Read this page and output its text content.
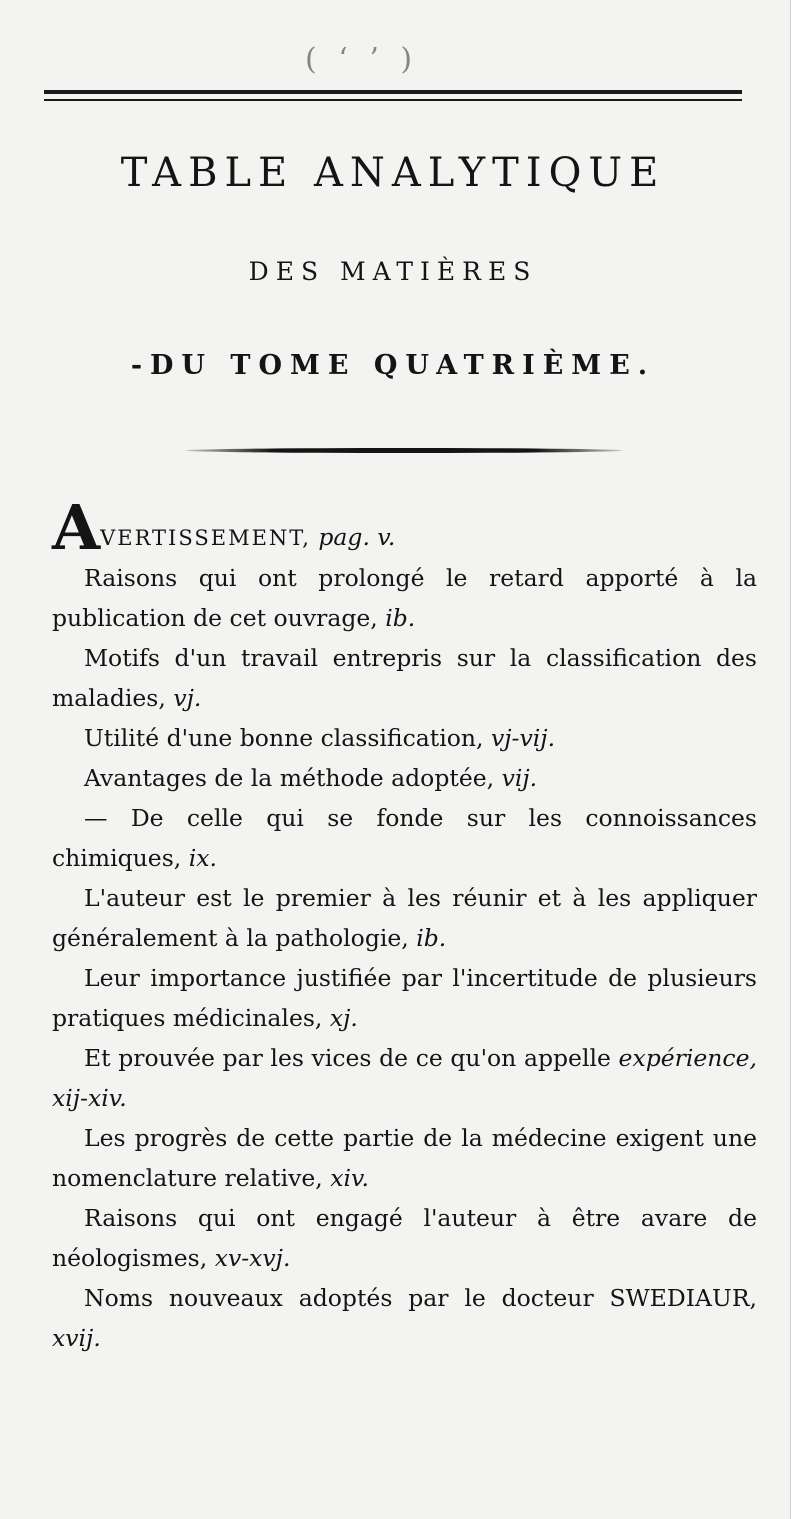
( ‘ ’ )
TABLE ANALYTIQUE
DES MATIÈRES
-DU TOME QUATRIÈME.

AVERTISSEMENT, pag. v.

Raisons qui ont prolongé le retard apporté à la publication de cet ouvrage, ib.

Motifs d'un travail entrepris sur la classification des maladies, vj.

Utilité d'une bonne classification, vj-vij.

Avantages de la méthode adoptée, vij.

— De celle qui se fonde sur les connoissances chimiques, ix.

L'auteur est le premier à les réunir et à les appliquer généralement à la pathologie, ib.

Leur importance justifiée par l'incertitude de plusieurs pratiques médicinales, xj.

Et prouvée par les vices de ce qu'on appelle expérience, xij-xiv.

Les progrès de cette partie de la médecine exigent une nomenclature relative, xiv.

Raisons qui ont engagé l'auteur à être avare de néologismes, xv-xvj.

Noms nouveaux adoptés par le docteur SWEDIAUR, xvij.
